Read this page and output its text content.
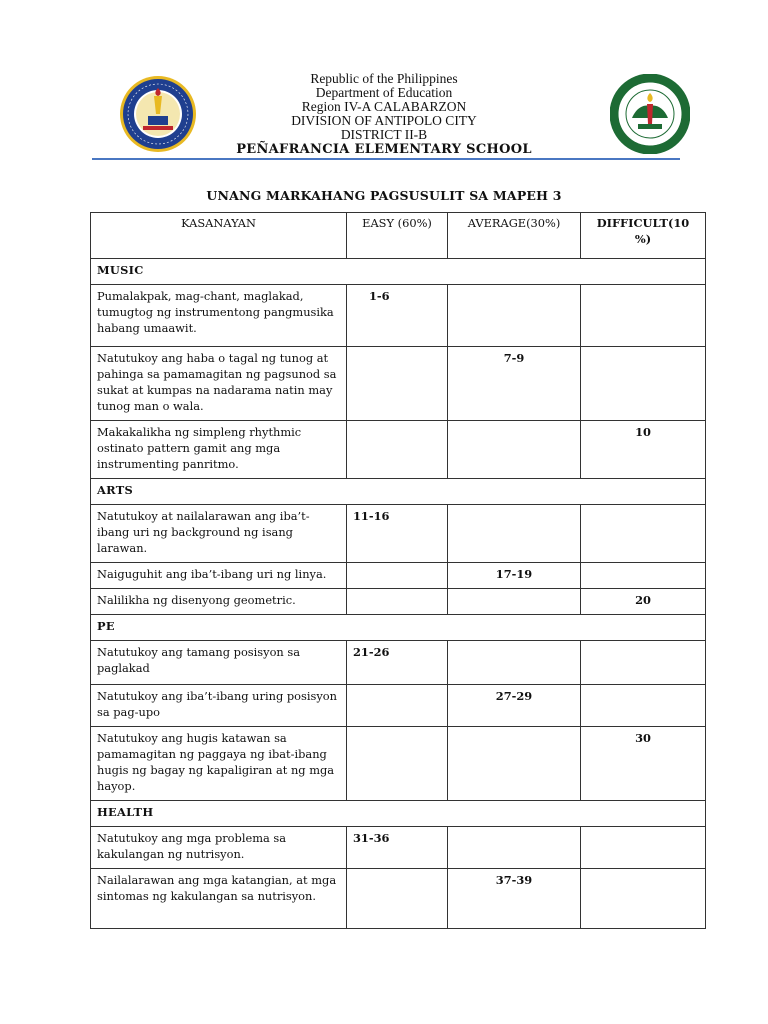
Republic of the Philippines
Department of Education
Region IV-A CALABARZON
DIVISION OF ANTIPOLO CITY
DISTRICT II-B
PEÑAFRANCIA ELEMENTARY SCHOOL
UNANG MARKAHANG PAGSUSULIT SA MAPEH 3
KASANAYAN	EASY (60%)	AVERAGE(30%)	DIFFICULT(10 %)
MUSIC			
Pumalakpak, mag-chant, maglakad, tumugtog ng instrumentong pangmusika habang umaawit.	1-6		
Natutukoy ang haba o tagal ng tunog at pahinga sa pamamagitan ng pagsunod sa sukat at kumpas na nadarama natin may tunog man o wala.		7-9	
Makakalikha ng simpleng rhythmic ostinato pattern gamit ang mga instrumenting panritmo.			10
ARTS			
Natutukoy at nailalarawan ang iba’t-ibang uri ng background ng isang larawan.	11-16		
Naiguguhit ang iba’t-ibang uri ng linya.		17-19	
Nalilikha ng disenyong geometric.			20
PE			
Natutukoy ang tamang posisyon sa paglakad	21-26		
Natutukoy ang iba’t-ibang uring posisyon sa pag-upo		27-29	
Natutukoy ang hugis katawan sa pamamagitan ng paggaya ng ibat-ibang hugis ng bagay ng kapaligiran at ng mga hayop.			30
HEALTH			
Natutukoy ang mga problema sa kakulangan ng nutrisyon.	31-36		
Nailalarawan ang mga katangian, at mga sintomas ng kakulangan sa nutrisyon.		37-39	
